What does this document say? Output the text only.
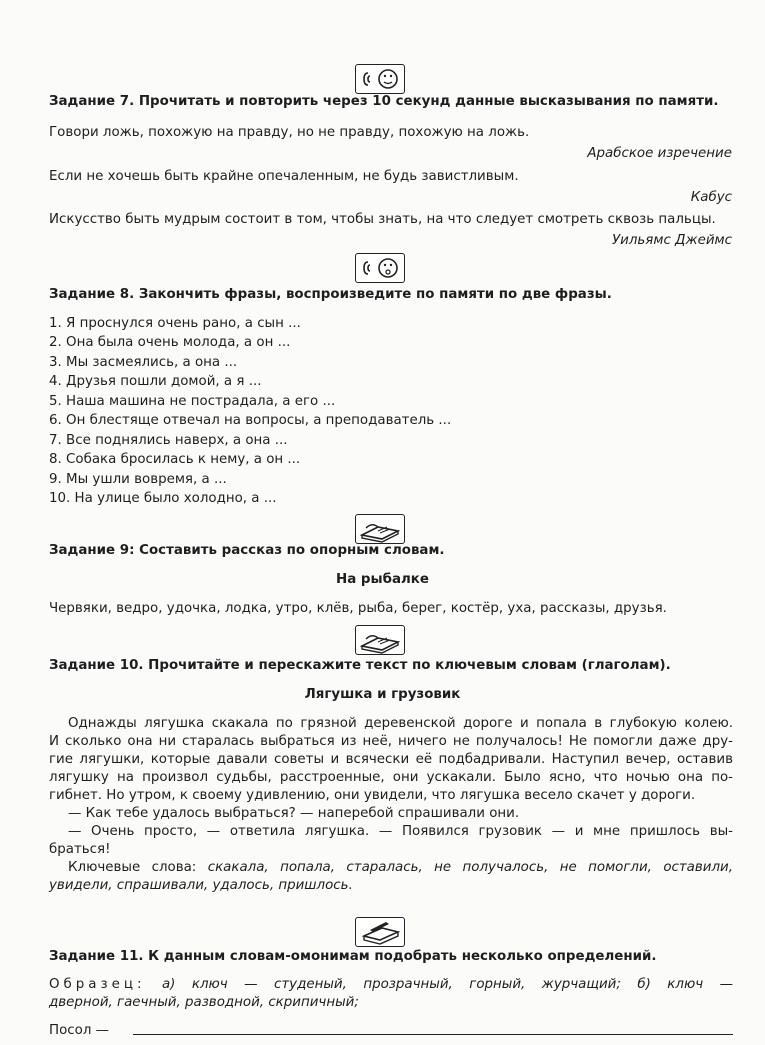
Задание 7. Прочитать и повторить через 10 секунд данные высказывания по памяти.
Говори ложь, похожую на правду, но не правду, похожую на ложь.
Арабское изречение
Если не хочешь быть крайне опечаленным, не будь завистливым.
Кабус
Искусство быть мудрым состоит в том, чтобы знать, на что следует смотреть сквозь пальцы.
Уильямс Джеймс
Задание 8. Закончить фразы, воспроизведите по памяти по две фразы.
1. Я проснулся очень рано, а сын ...
2. Она была очень молода, а он ...
3. Мы засмеялись, а она ...
4. Друзья пошли домой, а я ...
5. Наша машина не пострадала, а его ...
6. Он блестяще отвечал на вопросы, а преподаватель ...
7. Все поднялись наверх, а она ...
8. Собака бросилась к нему, а он ...
9. Мы ушли вовремя, а ...
10. На улице было холодно, а ...
Задание 9: Составить рассказ по опорным словам.
На рыбалке
Червяки, ведро, удочка, лодка, утро, клёв, рыба, берег, костёр, уха, рассказы, друзья.
Задание 10. Прочитайте и перескажите текст по ключевым словам (глаголам).
Лягушка и грузовик

Однажды лягушка скакала по грязной деревенской дороге и попала в глубокую колею.

И сколько она ни старалась выбраться из неё, ничего не получалось! Не помогли даже дру-

гие лягушки, которые давали советы и всячески её подбадривали. Наступил вечер, оставив

лягушку на произвол судьбы, расстроенные, они ускакали. Было ясно, что ночью она по-

гибнет. Но утром, к своему удивлению, они увидели, что лягушка весело скачет у дороги.

— Как тебе удалось выбраться? — наперебой спрашивали они.

— Очень просто, — ответила лягушка. — Появился грузовик — и мне пришлось вы-

браться!

Ключевые слова: скакала, попала, старалась, не получалось, не помогли, оставили,

увидели, спрашивали, удалось, пришлось.

Задание 11. К данным словам-омонимам подобрать несколько определений.

Образец: а) ключ — студеный, прозрачный, горный, журчащий; б) ключ —

дверной, гаечный, разводной, скрипичный;

Посол —
